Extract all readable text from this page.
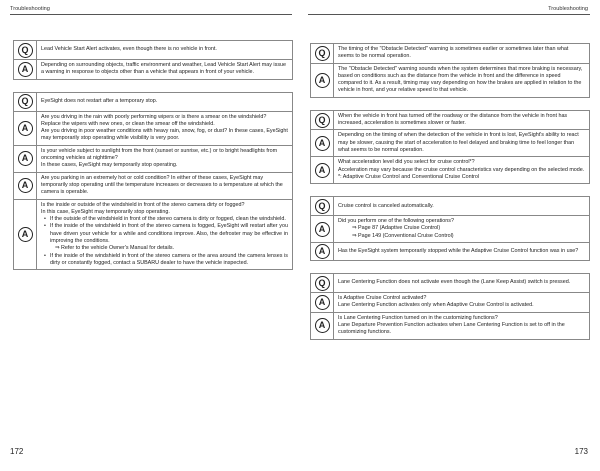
Troubleshooting	Troubleshooting
Q	Lead Vehicle Start Alert activates, even though there is no vehicle in front.
A	Depending on surrounding objects, traffic environment and weather, Lead Vehicle Start Alert may issue a warning in response to objects other than a vehicle that appears in front of your vehicle.
Q	EyeSight does not restart after a temporary stop.
A
Are you driving in the rain with poorly performing wipers or is there a smear on the windshield?
Replace the wipers with new ones, or clean the smear off the windshield.
Are you driving in poor weather conditions with heavy rain, snow, fog, or dust? In these cases, EyeSight may temporarily stop operating while visibility is very poor.
A
Is your vehicle subject to sunlight from the front (sunset or sunrise, etc.) or to bright headlights from oncoming vehicles at nighttime?
In these cases, EyeSight may temporarily stop operating.
A
Are you parking in an extremely hot or cold condition? In either of these cases, EyeSight may temporarily stop operating until the temperature increases or decreases to a temperature at which the camera is operable.
A
Is the inside or outside of the windshield in front of the stereo camera dirty or fogged?
In this case, EyeSight may temporarily stop operating.
• If the outside of the windshield in front of the stereo camera is dirty or fogged, clean the windshield.
• If the inside of the windshield in front of the stereo camera is fogged, EyeSight will restart after you have driven your vehicle for a while and conditions improve. Also, the defroster may be effective in improving the conditions.
⇒ Refer to the vehicle Owner's Manual for details.
• If the inside of the windshield in front of the stereo camera or the area around the camera lenses is dirty or constantly fogged, contact a SUBARU dealer to have the vehicle inspected.
Q	The timing of the "Obstacle Detected" warning is sometimes earlier or sometimes later than what seems to be normal operation.
A
The "Obstacle Detected" warning sounds when the system determines that more braking is necessary, based on conditions such as the distance from the vehicle in front and the difference in speed compared to it. As a result, timing may vary depending on how the brakes are applied in relation to the vehicle in front, and your relative speed to that vehicle.
Q	When the vehicle in front has turned off the roadway or the distance from the vehicle in front has increased, acceleration is sometimes slower or faster.
A
Depending on the timing of when the detection of the vehicle in front is lost, EyeSight's ability to react may be slower, causing the start of acceleration to feel delayed and braking time to feel longer than what seems to be normal operation.
A
What acceleration level did you select for cruise control*?
Acceleration may vary because the cruise control characteristics vary depending on the selected mode.
*: Adaptive Cruise Control and Conventional Cruise Control
Q	Cruise control is canceled automatically.
A
Did you perform one of the following operations?
⇒ Page 87 (Adaptive Cruise Control)
⇒ Page 149 (Conventional Cruise Control)
A	Has the EyeSight system temporarily stopped while the Adaptive Cruise Control function was in use?
Q	Lane Centering Function does not activate even though the (Lane Keep Assist) switch is pressed.
A	Is Adaptive Cruise Control activated?
Lane Centering Function activates only when Adaptive Cruise Control is activated.
A
Is Lane Centering Function turned on in the customizing functions?
Lane Departure Prevention Function activates when Lane Centering Function is set to off in the customizing functions.
172	173
